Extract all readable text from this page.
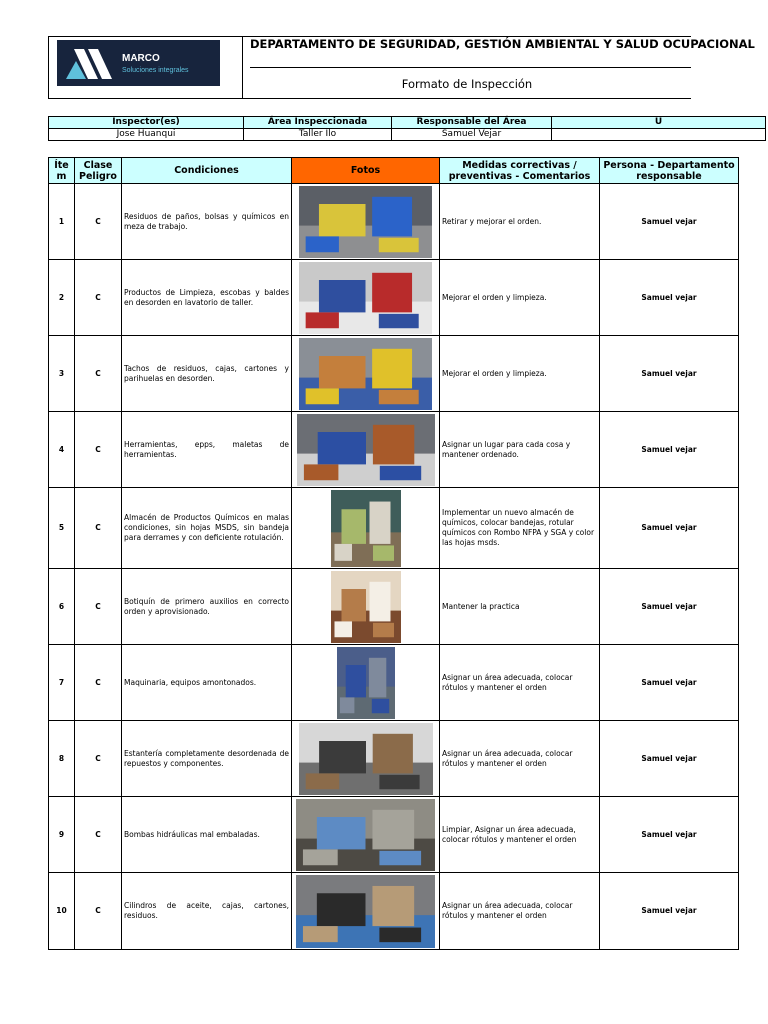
MARCO
Soluciones integrales
DEPARTAMENTO DE SEGURIDAD, GESTIÓN AMBIENTAL Y SALUD OCUPACIONAL
Formato de Inspección
Inspector(es)	Área Inspeccionada	Responsable del Área	U
Jose Huanqui	Taller Ilo	Samuel Vejar	
Íte m	Clase Peligro	Condiciones	Fotos	Medidas correctivas / preventivas - Comentarios	Persona - Departamento responsable
1	C	Residuos de paños, bolsas y químicos en meza de trabajo.		Retirar y mejorar el orden.	Samuel vejar
2	C	Productos de Limpieza, escobas y baldes en desorden en lavatorio de taller.		Mejorar el orden y limpieza.	Samuel vejar
3	C	Tachos de residuos, cajas, cartones y parihuelas en desorden.		Mejorar el orden y limpieza.	Samuel vejar
4	C	Herramientas, epps, maletas de herramientas.		Asignar un lugar para cada cosa y mantener ordenado.	Samuel vejar
5	C	Almacén de Productos Químicos en malas condiciones, sin hojas MSDS, sin bandeja para derrames y con deficiente rotulación.		Implementar un nuevo almacén de químicos, colocar bandejas, rotular químicos con Rombo NFPA y SGA y color las hojas msds.	Samuel vejar
6	C	Botiquín de primero auxilios en correcto orden y aprovisionado.		Mantener la practica	Samuel vejar
7	C	Maquinaria, equipos amontonados.		Asignar un área adecuada, colocar rótulos y mantener el orden	Samuel vejar
8	C	Estantería completamente desordenada de repuestos y componentes.		Asignar un área adecuada, colocar rótulos y mantener el orden	Samuel vejar
9	C	Bombas hidráulicas mal embaladas.		Limpiar, Asignar un área adecuada, colocar rótulos y mantener el orden	Samuel vejar
10	C	Cilindros de aceite, cajas, cartones, residuos.		Asignar un área adecuada, colocar rótulos y mantener el orden	Samuel vejar
